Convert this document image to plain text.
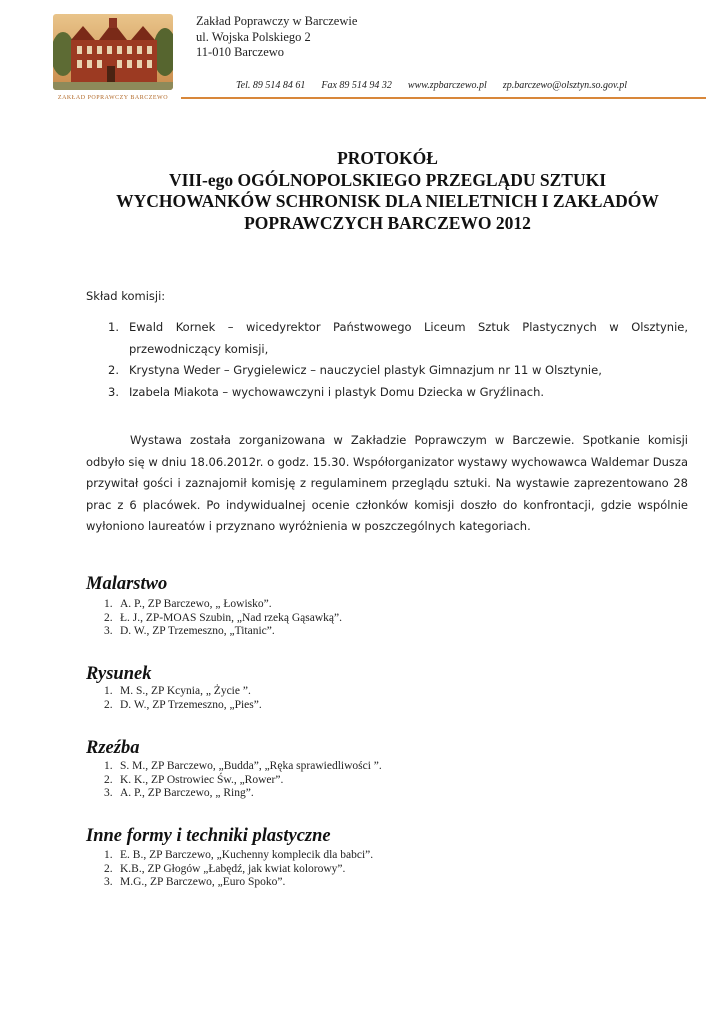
ZAKŁAD POPRAWCZY BARCZEWO
Zakład Poprawczy w Barczewie
ul. Wojska Polskiego 2
11-010 Barczewo
Tel. 89 514 84 61 Fax 89 514 94 32 www.zpbarczewo.pl zp.barczewo@olsztyn.so.gov.pl
PROTOKÓŁ
VIII-ego OGÓLNOPOLSKIEGO PRZEGLĄDU SZTUKI
WYCHOWANKÓW SCHRONISK DLA NIELETNICH I ZAKŁADÓW
POPRAWCZYCH BARCZEWO 2012
Skład komisji:
1. Ewald Kornek – wicedyrektor Państwowego Liceum Sztuk Plastycznych w Olsztynie, przewodniczący komisji,
2. Krystyna Weder – Grygielewicz – nauczyciel plastyk Gimnazjum nr 11 w Olsztynie,
3. Izabela Miakota – wychowawczyni i plastyk Domu Dziecka w Gryźlinach.

Wystawa została zorganizowana w Zakładzie Poprawczym w Barczewie. Spotkanie komisji odbyło się w dniu 18.06.2012r. o godz. 15.30. Współorganizator wystawy wychowawca Waldemar Dusza przywitał gości i zaznajomił komisję z regulaminem przeglądu sztuki. Na wystawie zaprezentowano 28 prac z 6 placówek. Po indywidualnej ocenie członków komisji doszło do konfrontacji, gdzie wspólnie wyłoniono laureatów i przyznano wyróżnienia w poszczególnych kategoriach.

Malarstwo
1. A. P., ZP Barczewo, „ Łowisko”.
2. Ł. J., ZP-MOAS Szubin, „Nad rzeką Gąsawką”.
3. D. W., ZP Trzemeszno, „Titanic”.
Rysunek
1. M. S., ZP Kcynia, „ Życie ”.
2. D. W., ZP Trzemeszno, „Pies”.
Rzeźba
1. S. M., ZP Barczewo, „Budda”, „Ręka sprawiedliwości ”.
2. K. K., ZP Ostrowiec Św., „Rower”.
3. A. P., ZP Barczewo, „ Ring”.
Inne formy i techniki plastyczne
1. E. B., ZP Barczewo, „Kuchenny komplecik dla babci”.
2. K.B., ZP Głogów „Łabędź, jak kwiat kolorowy”.
3. M.G., ZP Barczewo, „Euro Spoko”.
